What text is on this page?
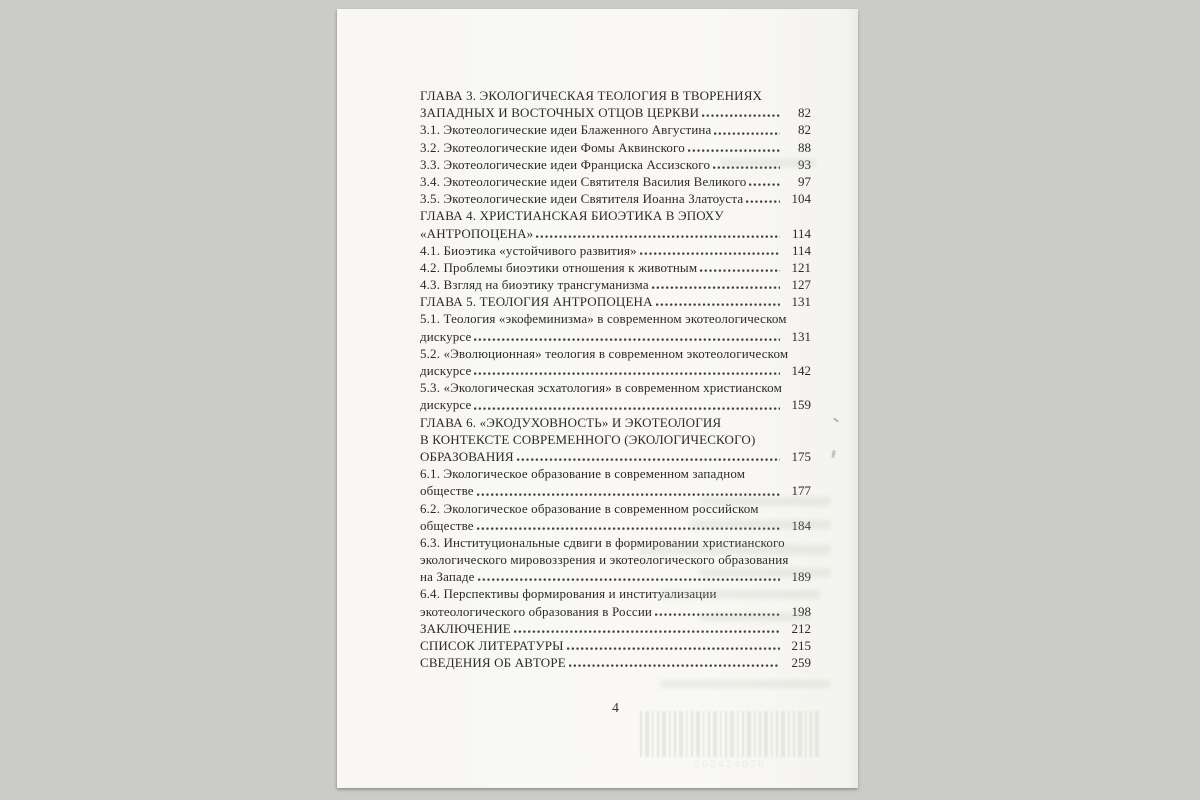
ГЛАВА 3. ЭКОЛОГИЧЕСКАЯ ТЕОЛОГИЯ В ТВОРЕНИЯХ
ЗАПАДНЫХ И ВОСТОЧНЫХ ОТЦОВ ЦЕРКВИ	82
3.1. Экотеологические идеи Блаженного Августина	82
3.2. Экотеологические идеи Фомы Аквинского	88
3.3. Экотеологические идеи Франциска Ассизского	93
3.4. Экотеологические идеи Святителя Василия Великого	97
3.5. Экотеологические идеи Святителя Иоанна Златоуста	104
ГЛАВА 4. ХРИСТИАНСКАЯ БИОЭТИКА В ЭПОХУ
«АНТРОПОЦЕНА»	114
4.1. Биоэтика «устойчивого развития»	114
4.2. Проблемы биоэтики отношения к животным	121
4.3. Взгляд на биоэтику трансгуманизма	127
ГЛАВА 5. ТЕОЛОГИЯ АНТРОПОЦЕНА	131
5.1. Теология «экофеминизма» в современном экотеологическом
дискурсе	131
5.2. «Эволюционная» теология в современном экотеологическом
дискурсе	142
5.3. «Экологическая эсхатология» в современном христианском
дискурсе	159
ГЛАВА 6. «ЭКОДУХОВНОСТЬ» И ЭКОТЕОЛОГИЯ
В КОНТЕКСТЕ СОВРЕМЕННОГО (ЭКОЛОГИЧЕСКОГО)
ОБРАЗОВАНИЯ	175
6.1. Экологическое образование в современном западном
обществе	177
6.2. Экологическое образование в современном российском
обществе	184
6.3. Институциональные сдвиги в формировании христианского
экологического мировоззрения и экотеологического образования
на Западе	189
6.4. Перспективы формирования и институализации
экотеологического образования в России	198
ЗАКЛЮЧЕНИЕ	212
СПИСОК ЛИТЕРАТУРЫ	215
СВЕДЕНИЯ ОБ АВТОРЕ	259
4
202424076
